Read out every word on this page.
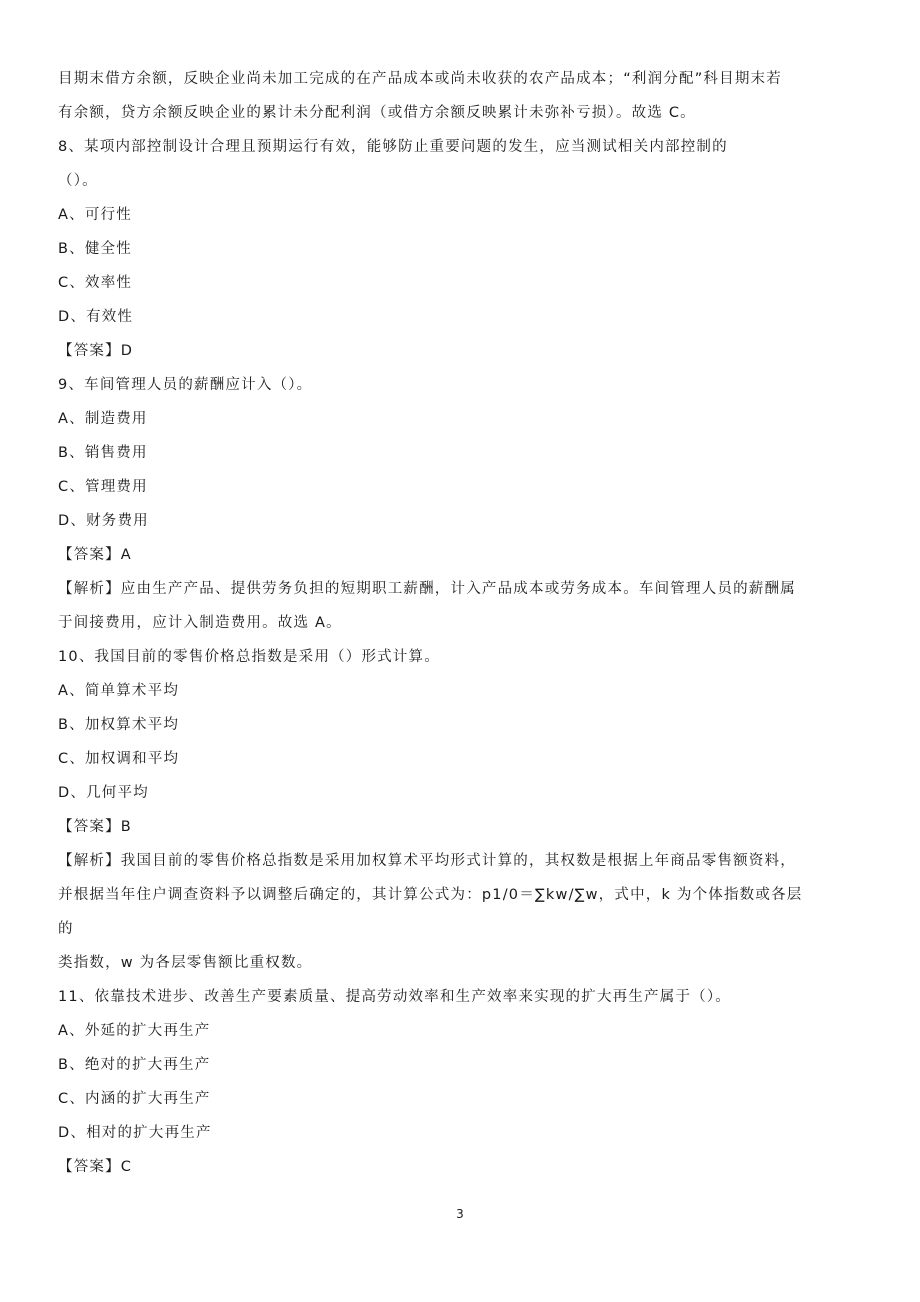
目期末借方余额，反映企业尚未加工完成的在产品成本或尚未收获的农产品成本；“利润分配”科目期末若
有余额，贷方余额反映企业的累计未分配利润（或借方余额反映累计未弥补亏损）。故选 C。
8、某项内部控制设计合理且预期运行有效，能够防止重要问题的发生，应当测试相关内部控制的
（）。
A、可行性
B、健全性
C、效率性
D、有效性
【答案】D
9、车间管理人员的薪酬应计入（）。
A、制造费用
B、销售费用
C、管理费用
D、财务费用
【答案】A
【解析】应由生产产品、提供劳务负担的短期职工薪酬，计入产品成本或劳务成本。车间管理人员的薪酬属
于间接费用，应计入制造费用。故选 A。
10、我国目前的零售价格总指数是采用（）形式计算。
A、简单算术平均
B、加权算术平均
C、加权调和平均
D、几何平均
【答案】B
【解析】我国目前的零售价格总指数是采用加权算术平均形式计算的，其权数是根据上年商品零售额资料，
并根据当年住户调查资料予以调整后确定的，其计算公式为：p1/0＝∑kw/∑w，式中，k 为个体指数或各层
的
类指数，w 为各层零售额比重权数。
11、依靠技术进步、改善生产要素质量、提高劳动效率和生产效率来实现的扩大再生产属于（）。
A、外延的扩大再生产
B、绝对的扩大再生产
C、内涵的扩大再生产
D、相对的扩大再生产
【答案】C
3
